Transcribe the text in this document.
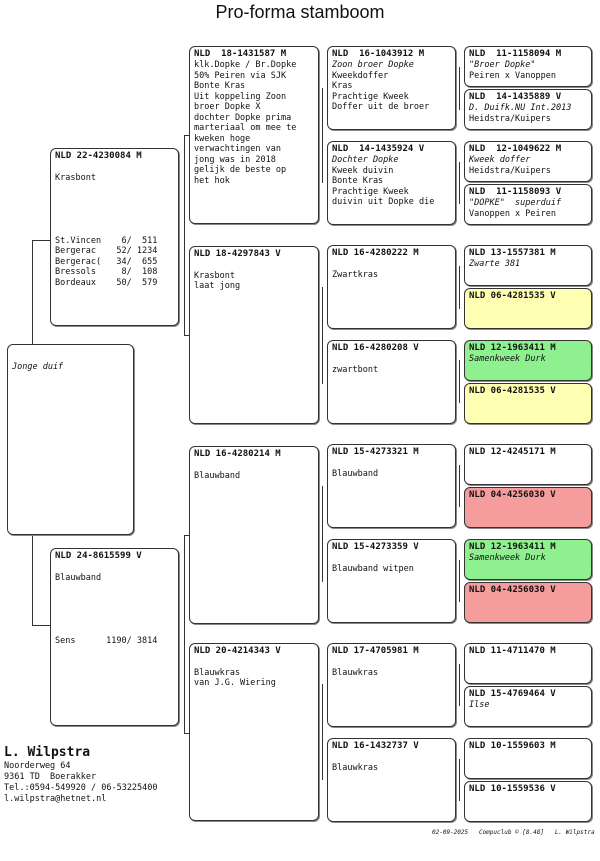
Pro-forma stamboom
Jonge duif
NLD 22-4230084 M

Krasbont

St.Vincen    6/  511
Bergerac    52/ 1234
Bergerac(   34/  655
Bressols     8/  108
Bordeaux    50/  579
NLD 24-8615599 V

Blauwband

Sens      1190/ 3814
NLD  18-1431587 M
klk.Dopke / Br.Dopke
50% Peiren via SJK
Bonte Kras
Uit koppeling Zoon
broer Dopke X
dochter Dopke prima
marteriaal om mee te
kweken hoge
verwachtingen van
jong was in 2018
gelijk de beste op
het hok
NLD 18-4297843 V

Krasbont
laat jong
NLD 16-4280214 M

Blauwband
NLD 20-4214343 V

Blauwkras
van J.G. Wiering
NLD  16-1043912 M
Zoon broer Dopke
Kweekdoffer
Kras
Prachtige Kweek
Doffer uit de broer
NLD  14-1435924 V
Dochter Dopke
Kweek duivin
Bonte Kras
Prachtige Kweek
duivin uit Dopke die
NLD 16-4280222 M

Zwartkras
NLD 16-4280208 V

zwartbont
NLD 15-4273321 M

Blauwband
NLD 15-4273359 V

Blauwband witpen
NLD 17-4705981 M

Blauwkras
NLD 16-1432737 V

Blauwkras
NLD  11-1158094 M
"Broer Dopke"
Peiren x Vanoppen
NLD  14-1435889 V
D. Duifk.NU Int.2013
Heidstra/Kuipers
NLD  12-1049622 M
Kweek doffer
Heidstra/Kuipers
NLD  11-1158093 V
"DOPKE"  superduif
Vanoppen x Peiren
NLD 13-1557381 M
Zwarte 381
NLD 06-4281535 V
NLD 12-1963411 M
Samenkweek Durk
NLD 06-4281535 V
NLD 12-4245171 M
NLD 04-4256030 V
NLD 12-1963411 M
Samenkweek Durk
NLD 04-4256030 V
NLD 11-4711470 M
NLD 15-4769464 V
Ilse
NLD 10-1559603 M
NLD 10-1559536 V
L. Wilpstra
Noorderweg 64
9361 TD  Boerakker
Tel.:0594-549920 / 06-53225400
l.wilpstra@hetnet.nl
02-09-2025   Compuclub © [8.48]   L. Wilpstra
